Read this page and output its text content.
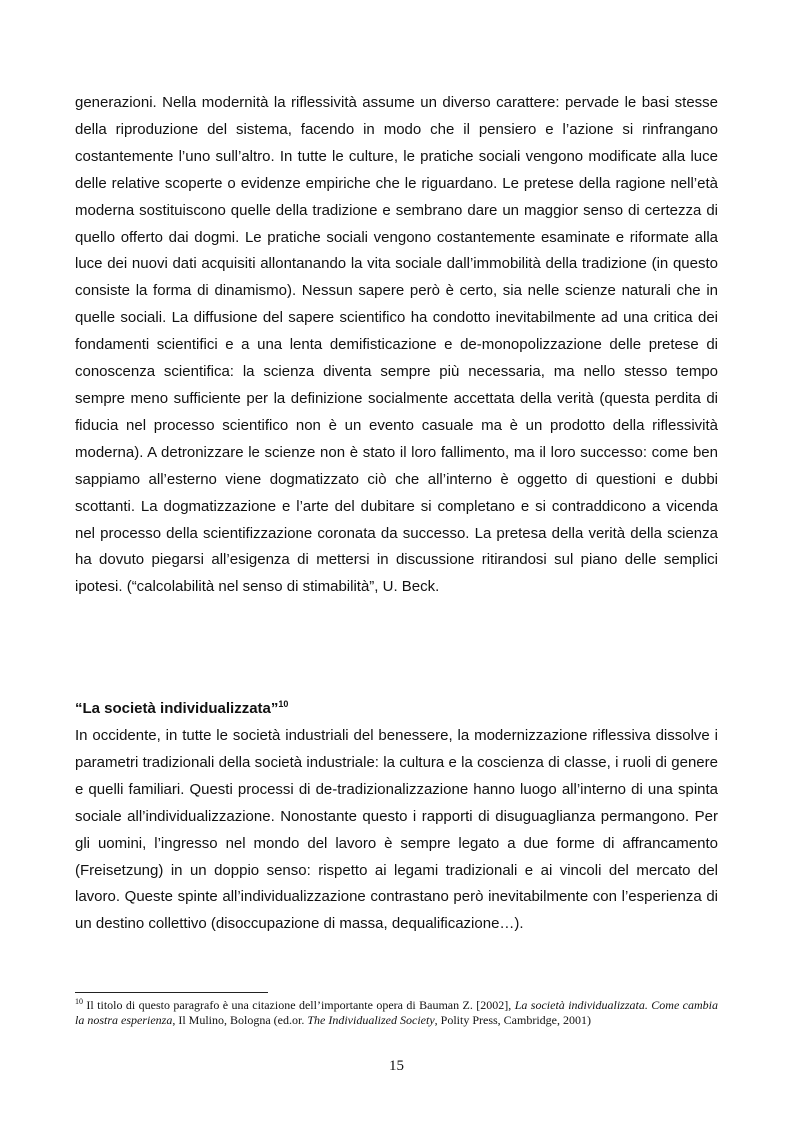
generazioni. Nella modernità la riflessività assume un diverso carattere: pervade le basi stesse della riproduzione del sistema, facendo in modo che il pensiero e l’azione si rinfrangano costantemente l’uno sull’altro. In tutte le culture, le pratiche sociali vengono modificate alla luce delle relative scoperte o evidenze empiriche che le riguardano. Le pretese della ragione nell’età moderna sostituiscono quelle della tradizione e sembrano dare un maggior senso di certezza di quello offerto dai dogmi. Le pratiche sociali vengono costantemente esaminate e riformate alla luce dei nuovi dati acquisiti allontanando la vita sociale dall’immobilità della tradizione (in questo consiste la forma di dinamismo). Nessun sapere però è certo, sia nelle scienze naturali che in quelle sociali. La diffusione del sapere scientifico ha condotto inevitabilmente ad una critica dei fondamenti scientifici e a una lenta demifisticazione e de-monopolizzazione delle pretese di conoscenza scientifica: la scienza diventa sempre più necessaria, ma nello stesso tempo sempre meno sufficiente per la definizione socialmente accettata della verità (questa perdita di fiducia nel processo scientifico non è un evento casuale ma è un prodotto della riflessività moderna). A detronizzare le scienze non è stato il loro fallimento, ma il loro successo: come ben sappiamo all’esterno viene dogmatizzato ciò che all’interno è oggetto di questioni e dubbi scottanti. La dogmatizzazione e l’arte del dubitare si completano e si contraddicono a vicenda nel processo della scientifizzazione coronata da successo. La pretesa della verità della scienza ha dovuto piegarsi all’esigenza di mettersi in discussione ritirandosi sul piano delle semplici ipotesi. (“calcolabilità nel senso di stimabilità”, U. Beck.

“La società individualizzata”$^{10}$

In occidente, in tutte le società industriali del benessere, la modernizzazione riflessiva dissolve i parametri tradizionali della società industriale: la cultura e la coscienza di classe, i ruoli di genere e quelli familiari. Questi processi di de-tradizionalizzazione hanno luogo all’interno di una spinta sociale all’individualizzazione. Nonostante questo i rapporti di disuguaglianza permangono. Per gli uomini, l’ingresso nel mondo del lavoro è sempre legato a due forme di affrancamento (Freisetzung) in un doppio senso: rispetto ai legami tradizionali e ai vincoli del mercato del lavoro. Queste spinte all’individualizzazione contrastano però inevitabilmente con l’esperienza di un destino collettivo (disoccupazione di massa, dequalificazione…).

$^{10}$ Il titolo di questo paragrafo è una citazione dell’importante opera di Bauman Z. [2002], La società individualizzata. Come cambia la nostra esperienza, Il Mulino, Bologna (ed.or. The Individualized Society, Polity Press, Cambridge, 2001)

15
